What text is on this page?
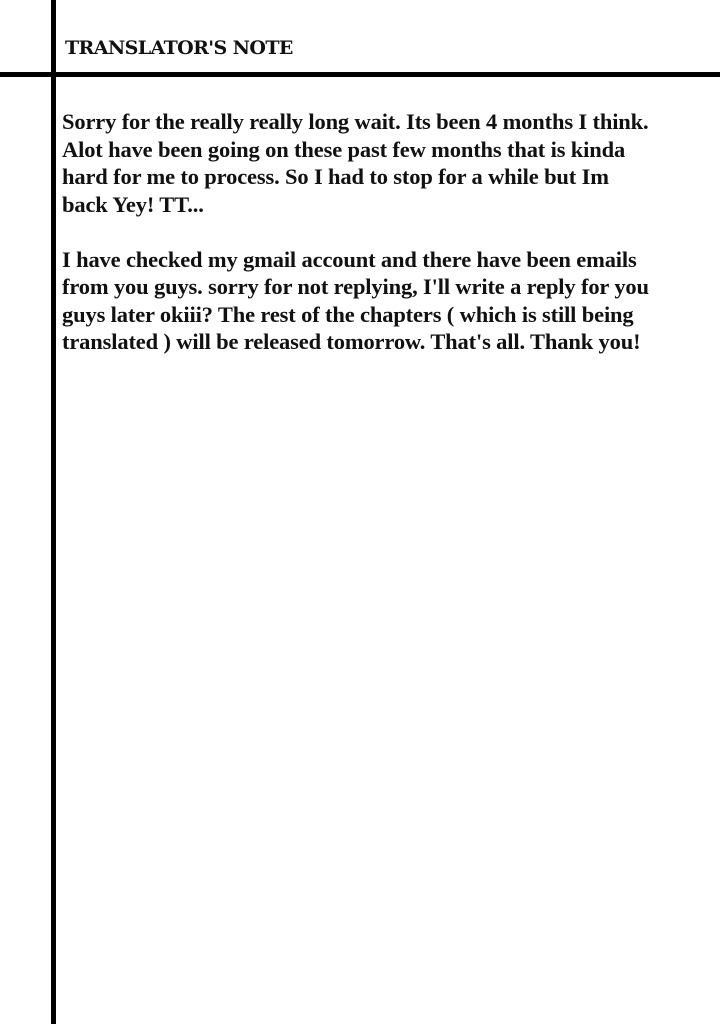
TRANSLATOR'S NOTE

Sorry for the really really long wait. Its been 4 months I think.
Alot have been going on these past few months that is kinda
hard for me to process. So I had to stop for a while but Im
back Yey! TT...

I have checked my gmail account and there have been emails
from you guys. sorry for not replying, I'll write a reply for you
guys later okiii? The rest of the chapters ( which is still being
translated ) will be released tomorrow. That's all. Thank you!
